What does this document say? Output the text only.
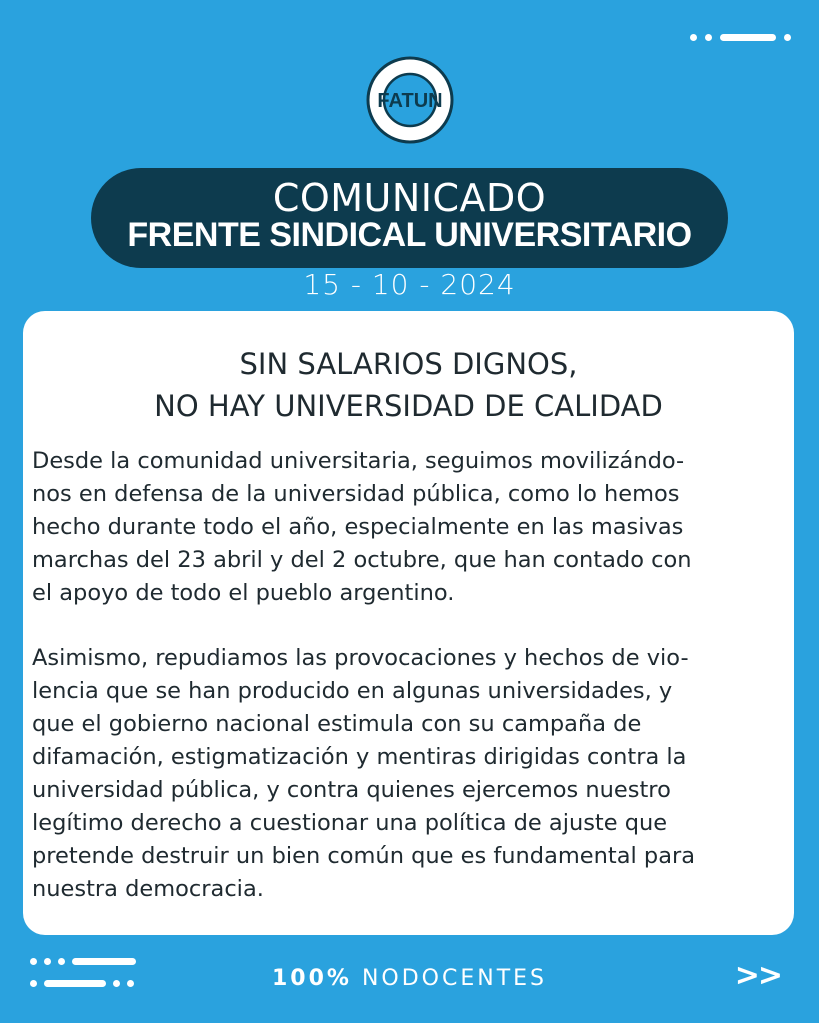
FATUN
COMUNICADO
FRENTE SINDICAL UNIVERSITARIO
15 - 10 - 2024
SIN SALARIOS DIGNOS,
NO HAY UNIVERSIDAD DE CALIDAD

Desde la comunidad universitaria, seguimos movilizándo-
nos en defensa de la universidad pública, como lo hemos
hecho durante todo el año, especialmente en las masivas
marchas del 23 abril y del 2 octubre, que han contado con
el apoyo de todo el pueblo argentino.

Asimismo, repudiamos las provocaciones y hechos de vio-
lencia que se han producido en algunas universidades, y
que el gobierno nacional estimula con su campaña de
difamación, estigmatización y mentiras dirigidas contra la
universidad pública, y contra quienes ejercemos nuestro
legítimo derecho a cuestionar una política de ajuste que
pretende destruir un bien común que es fundamental para
nuestra democracia.

100% NODOCENTES	>>
